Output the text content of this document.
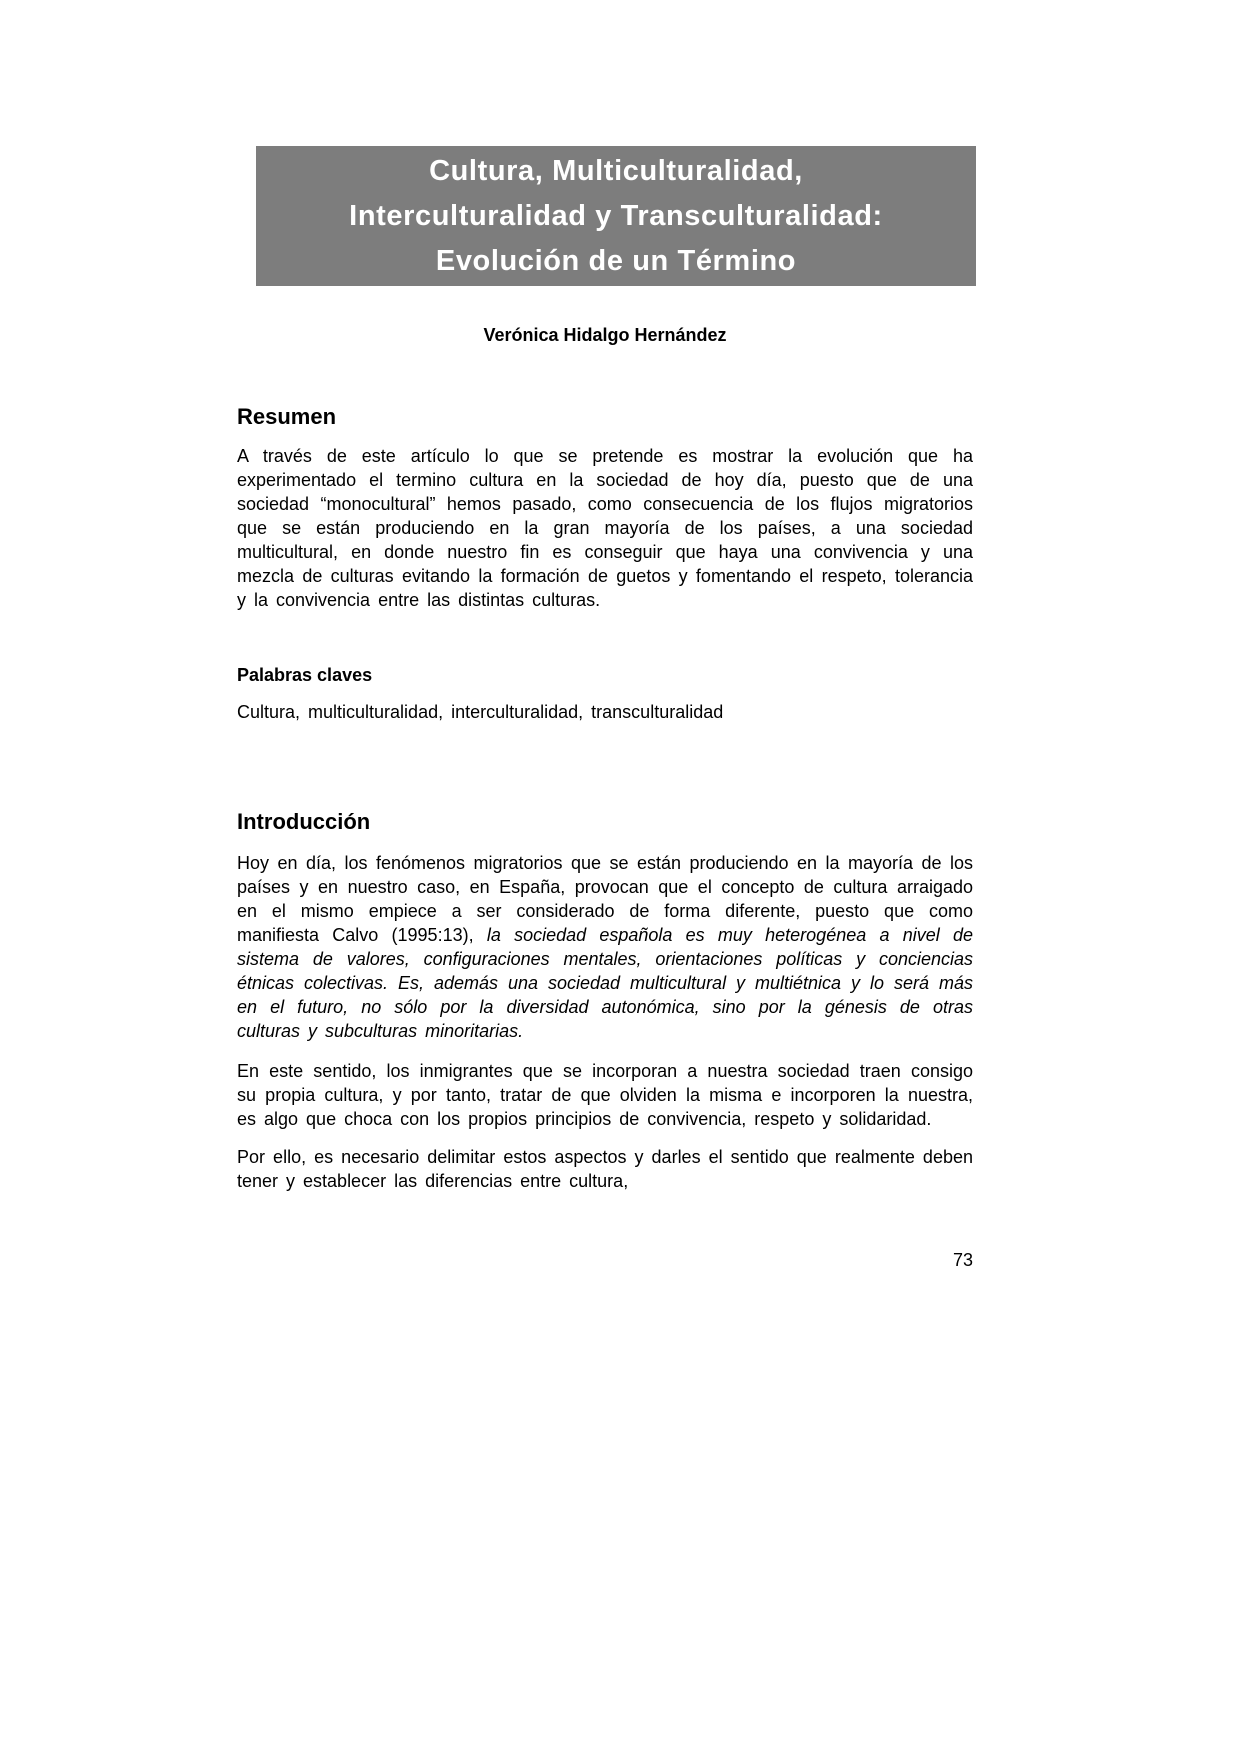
Cultura, Multiculturalidad,
Interculturalidad y Transculturalidad:
Evolución de un Término
Verónica Hidalgo Hernández
Resumen

A través de este artículo lo que se pretende es mostrar la evolución que ha experimentado el termino cultura en la sociedad de hoy día, puesto que de una sociedad “monocultural” hemos pasado, como consecuencia de los flujos migratorios que se están produciendo en la gran mayoría de los países, a una sociedad multicultural, en donde nuestro fin es conseguir que haya una convivencia y una mezcla de culturas evitando la formación de guetos y fomentando el respeto, tolerancia y la convivencia entre las distintas culturas.

Palabras claves

Cultura, multiculturalidad, interculturalidad, transculturalidad

Introducción

Hoy en día, los fenómenos migratorios que se están produciendo en la mayoría de los países y en nuestro caso, en España, provocan que el concepto de cultura arraigado en el mismo empiece a ser considerado de forma diferente, puesto que como manifiesta Calvo (1995:13), la sociedad española es muy heterogénea a nivel de sistema de valores, configuraciones mentales, orientaciones políticas y conciencias étnicas colectivas. Es, además una sociedad multicultural y multiétnica y lo será más en el futuro, no sólo por la diversidad autonómica, sino por la génesis de otras culturas y subculturas minoritarias.

En este sentido, los inmigrantes que se incorporan a nuestra sociedad traen consigo su propia cultura, y por tanto, tratar de que olviden la misma e incorporen la nuestra, es algo que choca con los propios principios de convivencia, respeto y solidaridad.

Por ello, es necesario delimitar estos aspectos y darles el sentido que realmente deben tener y establecer las diferencias entre cultura,

73
